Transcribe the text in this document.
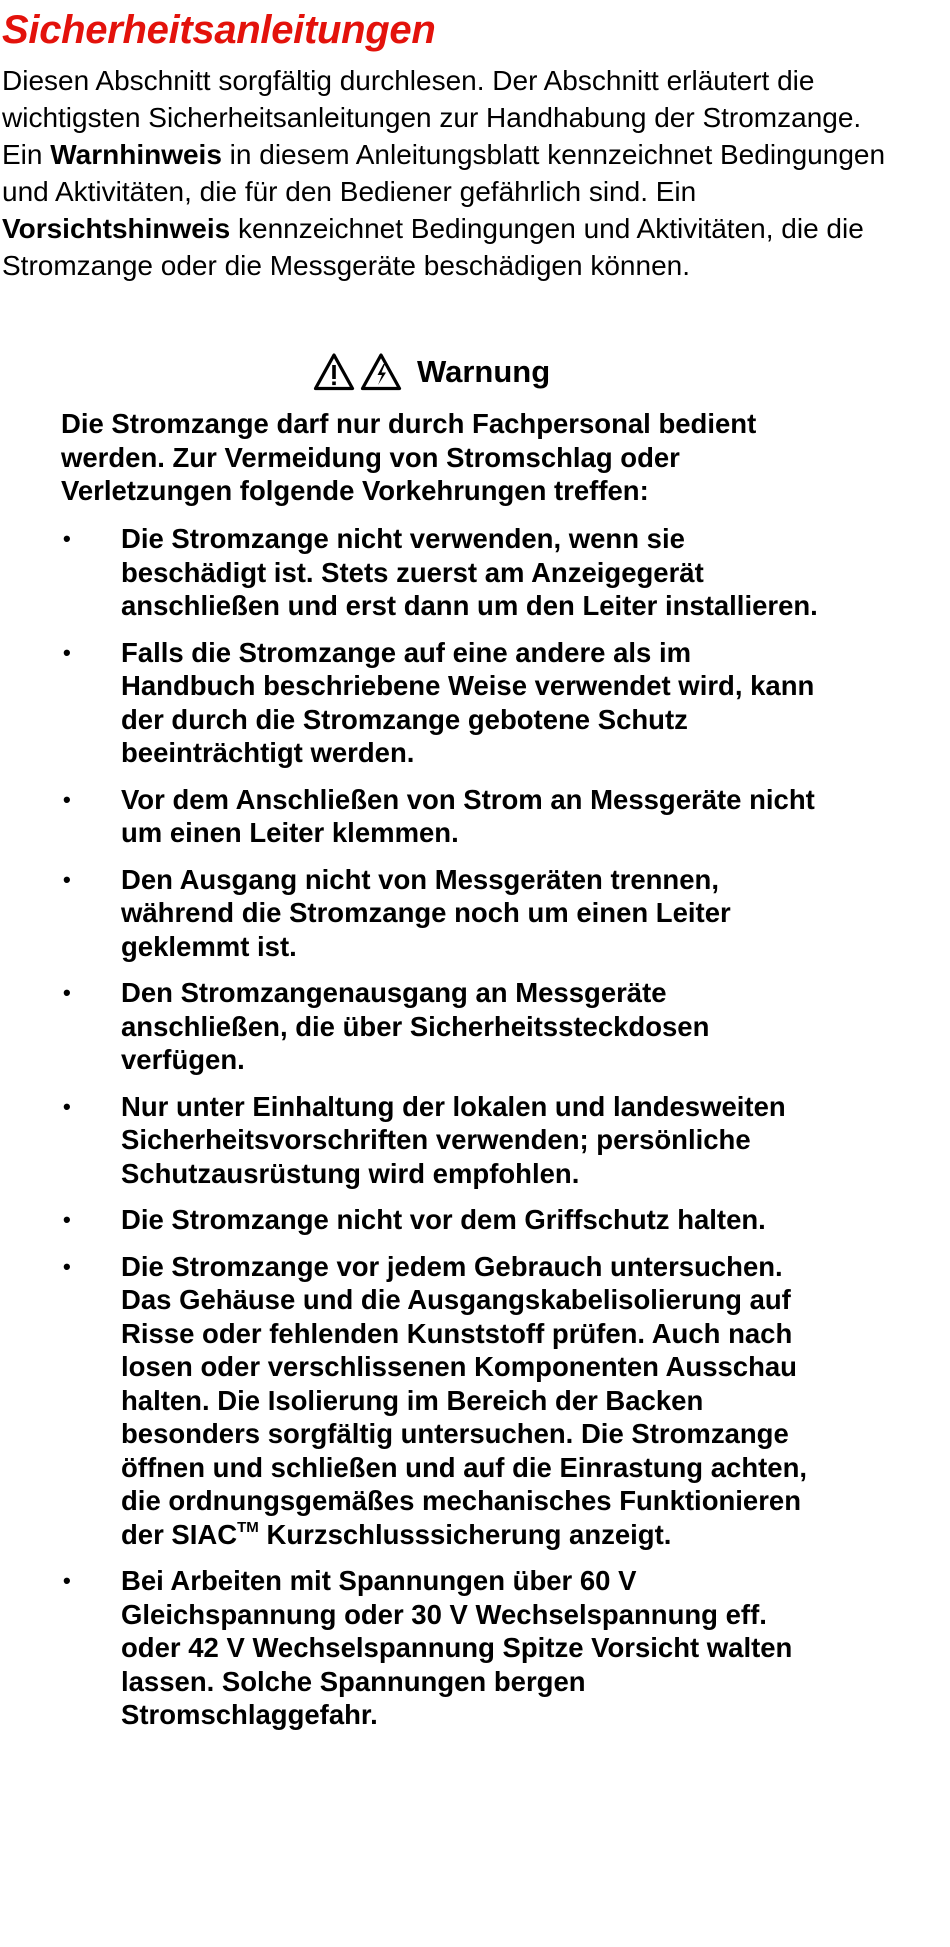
Sicherheitsanleitungen

Diesen Abschnitt sorgfältig durchlesen. Der Abschnitt erläutert die wichtigsten Sicherheitsanleitungen zur Handhabung der Stromzange. Ein Warnhinweis in diesem Anleitungsblatt kennzeichnet Bedingungen und Aktivitäten, die für den Bediener gefährlich sind. Ein Vorsichtshinweis kennzeichnet Bedingungen und Aktivitäten, die die Stromzange oder die Messgeräte beschädigen können.

Warnung

Die Stromzange darf nur durch Fachpersonal bedient werden. Zur Vermeidung von Stromschlag oder Verletzungen folgende Vorkehrungen treffen:

• Die Stromzange nicht verwenden, wenn sie beschädigt ist. Stets zuerst am Anzeigegerät anschließen und erst dann um den Leiter installieren.
• Falls die Stromzange auf eine andere als im Handbuch beschriebene Weise verwendet wird, kann der durch die Stromzange gebotene Schutz beeinträchtigt werden.
• Vor dem Anschließen von Strom an Messgeräte nicht um einen Leiter klemmen.
• Den Ausgang nicht von Messgeräten trennen, während die Stromzange noch um einen Leiter geklemmt ist.
• Den Stromzangenausgang an Messgeräte anschließen, die über Sicherheitssteckdosen verfügen.
• Nur unter Einhaltung der lokalen und landesweiten Sicherheitsvorschriften verwenden; persönliche Schutzausrüstung wird empfohlen.
• Die Stromzange nicht vor dem Griffschutz halten.
• Die Stromzange vor jedem Gebrauch untersuchen. Das Gehäuse und die Ausgangskabelisolierung auf Risse oder fehlenden Kunststoff prüfen. Auch nach losen oder verschlissenen Komponenten Ausschau halten. Die Isolierung im Bereich der Backen besonders sorgfältig untersuchen. Die Stromzange öffnen und schließen und auf die Einrastung achten, die ordnungsgemäßes mechanisches Funktionieren der SIAC™ Kurzschlusssicherung anzeigt.
• Bei Arbeiten mit Spannungen über 60 V Gleichspannung oder 30 V Wechselspannung eff. oder 42 V Wechselspannung Spitze Vorsicht walten lassen. Solche Spannungen bergen Stromschlaggefahr.
